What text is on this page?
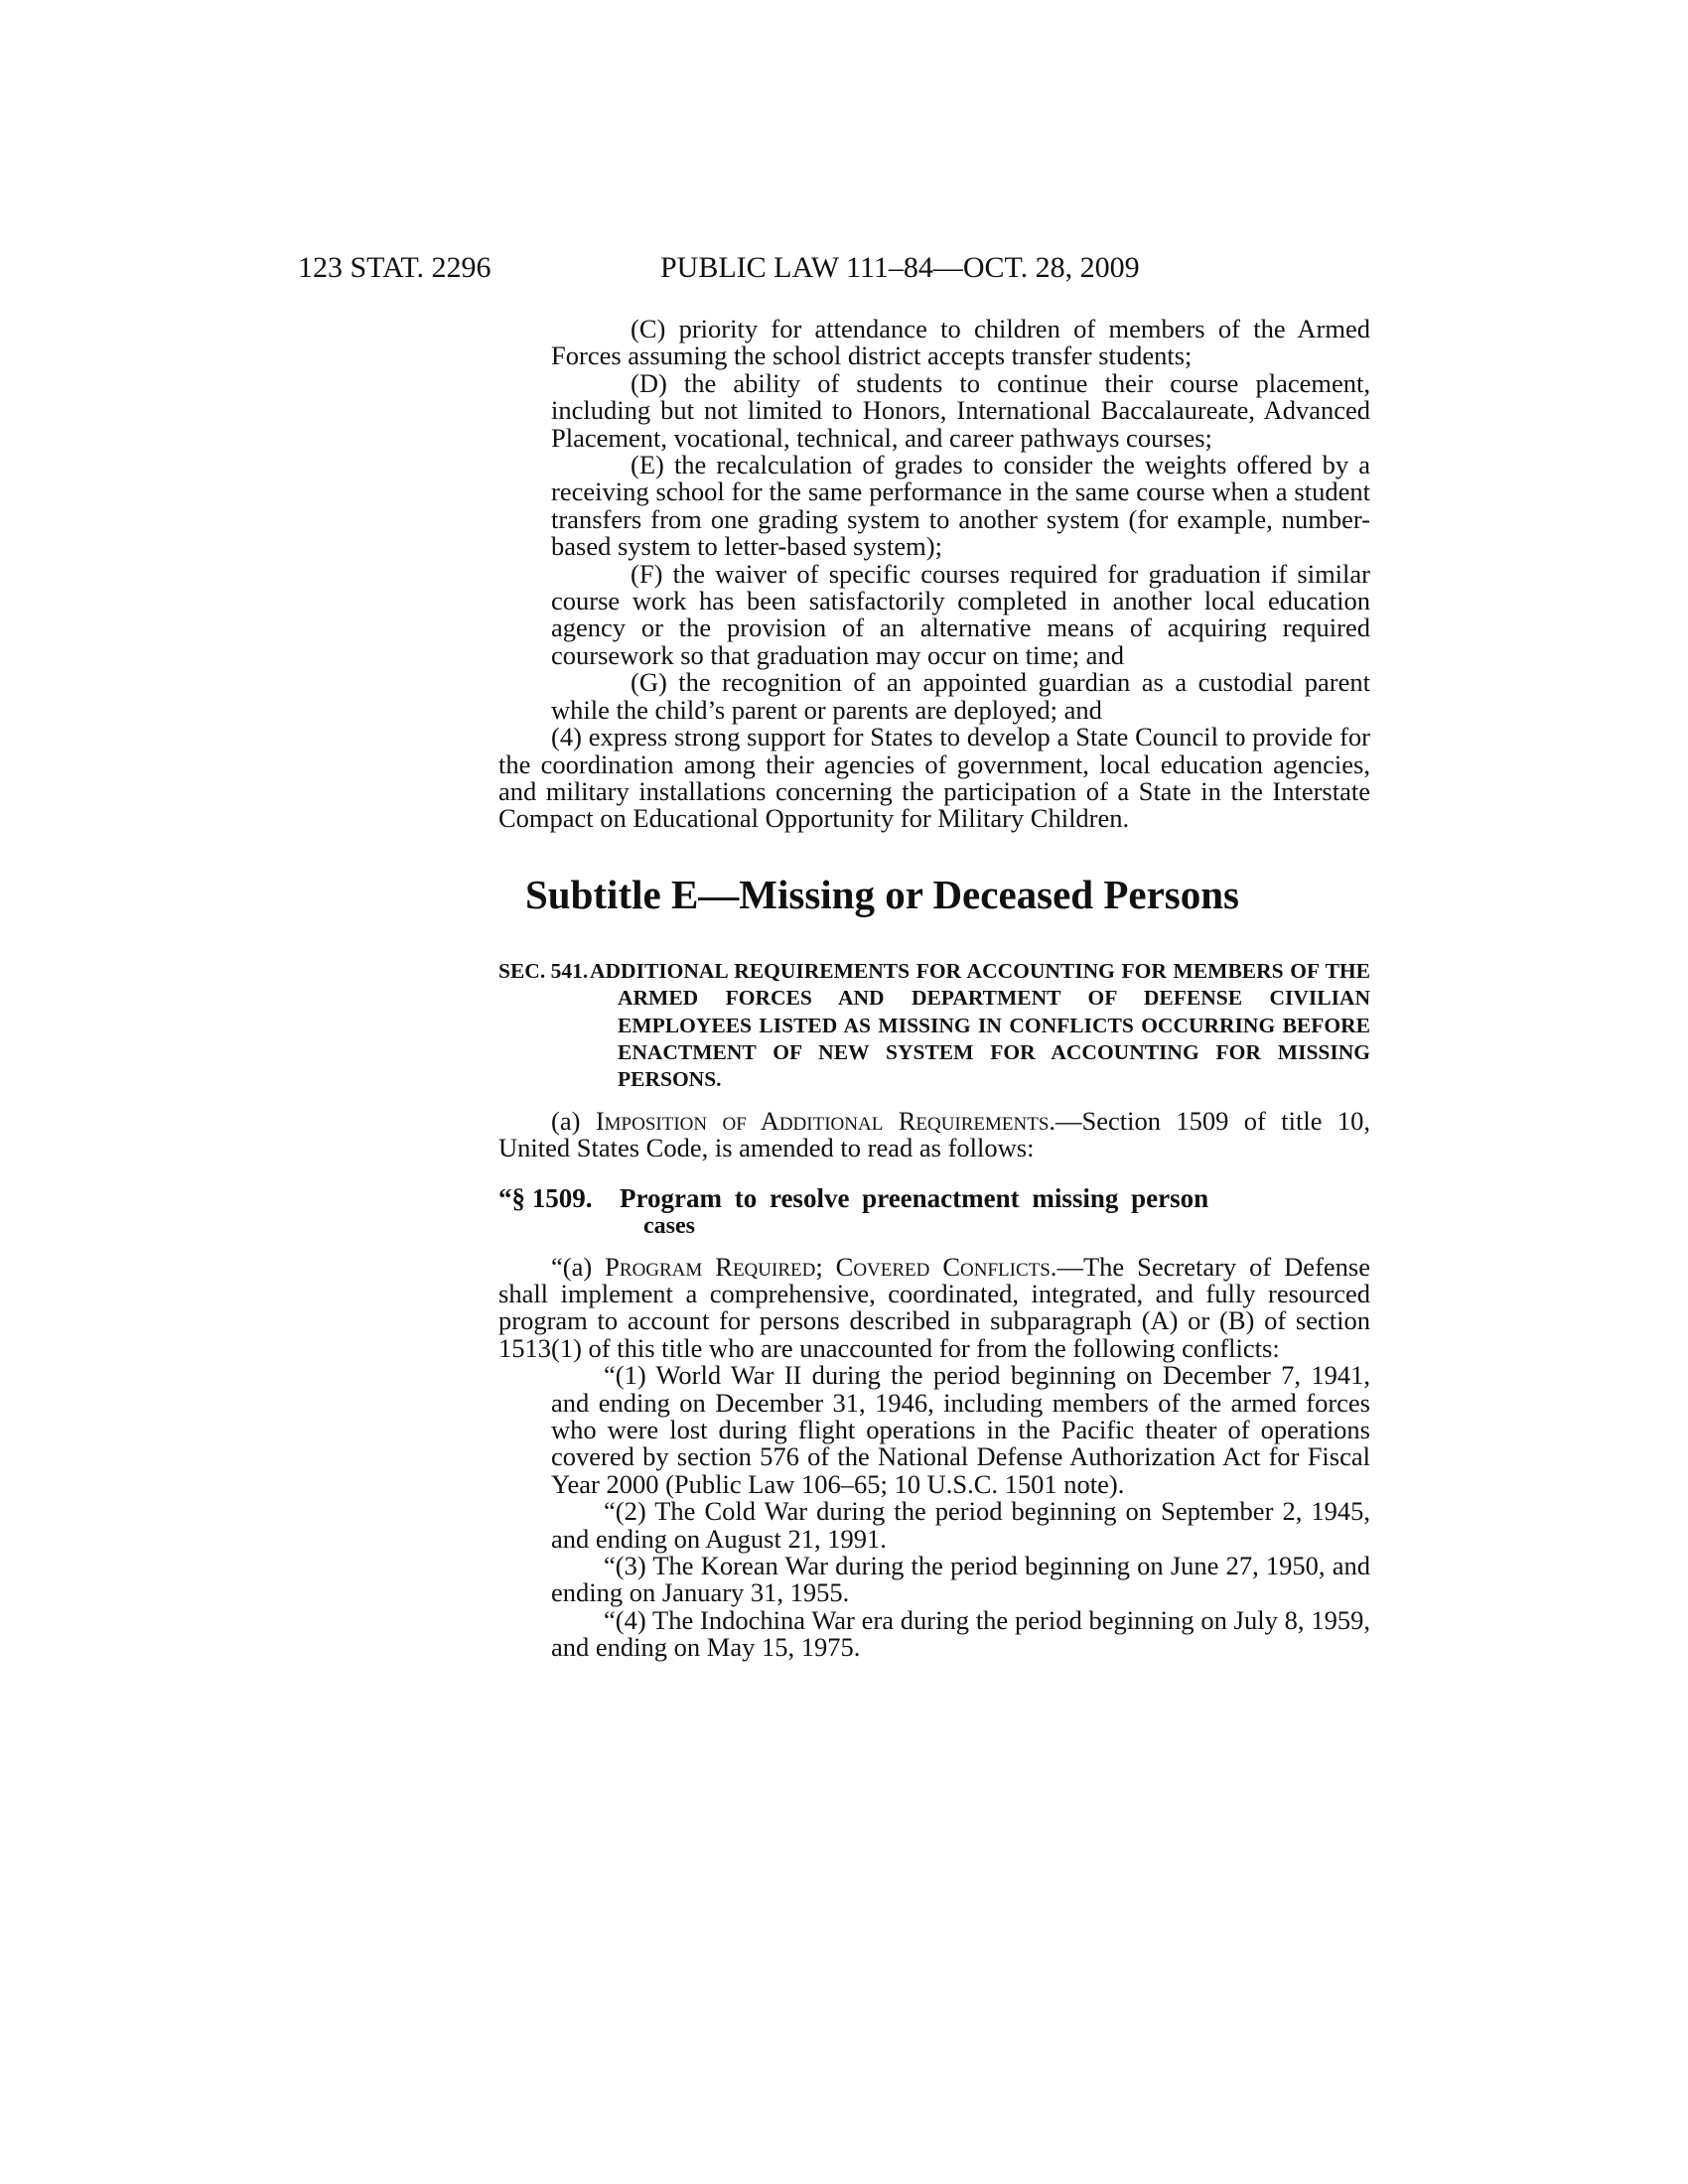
123 STAT. 2296	PUBLIC LAW 111–84—OCT. 28, 2009

(C) priority for attendance to children of members of the Armed Forces assuming the school district accepts transfer students;

(D) the ability of students to continue their course placement, including but not limited to Honors, International Baccalaureate, Advanced Placement, vocational, technical, and career pathways courses;

(E) the recalculation of grades to consider the weights offered by a receiving school for the same performance in the same course when a student transfers from one grading system to another system (for example, number-based system to letter-based system);

(F) the waiver of specific courses required for graduation if similar course work has been satisfactorily completed in another local education agency or the provision of an alternative means of acquiring required coursework so that graduation may occur on time; and

(G) the recognition of an appointed guardian as a custodial parent while the child’s parent or parents are deployed; and

(4) express strong support for States to develop a State Council to provide for the coordination among their agencies of government, local education agencies, and military installations concerning the participation of a State in the Interstate Compact on Educational Opportunity for Military Children.

Subtitle E—Missing or Deceased Persons
SEC. 541. ADDITIONAL REQUIREMENTS FOR ACCOUNTING FOR MEMBERS OF THE ARMED FORCES AND DEPARTMENT OF DEFENSE CIVILIAN EMPLOYEES LISTED AS MISSING IN CONFLICTS OCCURRING BEFORE ENACTMENT OF NEW SYSTEM FOR ACCOUNTING FOR MISSING PERSONS.

(a) Imposition of Additional Requirements.—Section 1509 of title 10, United States Code, is amended to read as follows:

“§ 1509.	Program to resolve preenactment missing person
cases

“(a) Program Required; Covered Conflicts.—The Secretary of Defense shall implement a comprehensive, coordinated, integrated, and fully resourced program to account for persons described in subparagraph (A) or (B) of section 1513(1) of this title who are unaccounted for from the following conflicts:

“(1) World War II during the period beginning on December 7, 1941, and ending on December 31, 1946, including members of the armed forces who were lost during flight operations in the Pacific theater of operations covered by section 576 of the National Defense Authorization Act for Fiscal Year 2000 (Public Law 106–65; 10 U.S.C. 1501 note).

“(2) The Cold War during the period beginning on September 2, 1945, and ending on August 21, 1991.

“(3) The Korean War during the period beginning on June 27, 1950, and ending on January 31, 1955.

“(4) The Indochina War era during the period beginning on July 8, 1959, and ending on May 15, 1975.
